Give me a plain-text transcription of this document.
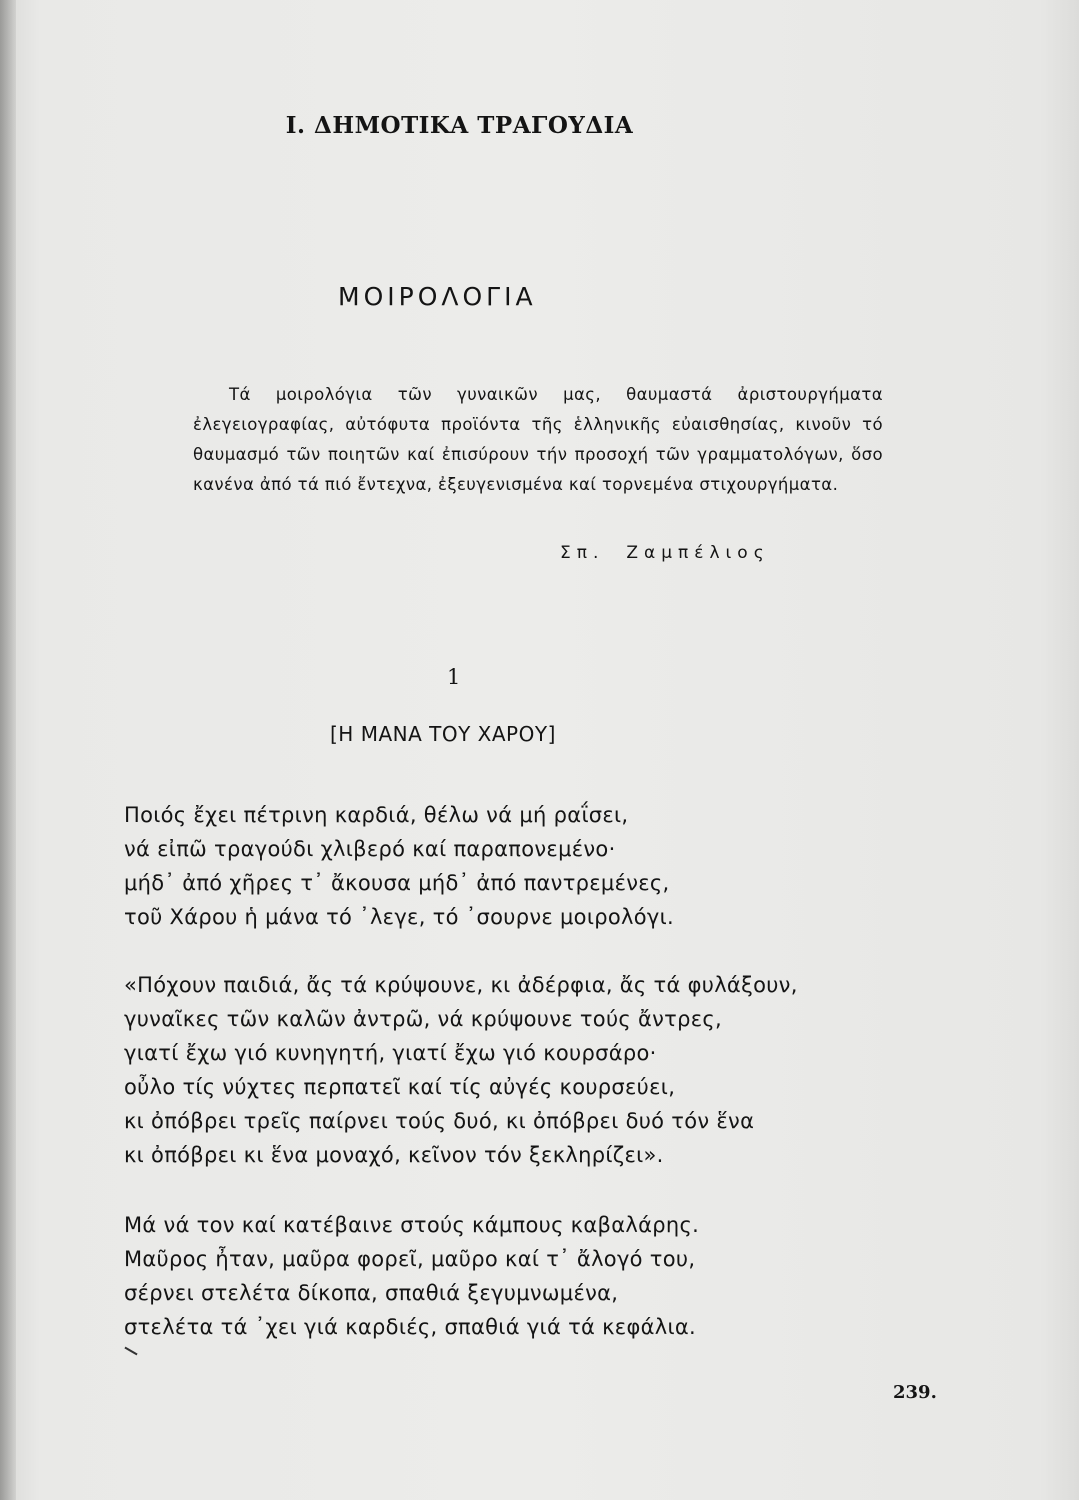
Ι. ΔΗΜΟΤΙΚΑ ΤΡΑΓΟΥΔΙΑ
ΜΟΙΡΟΛΟΓΙΑ

Τά μοιρολόγια τῶν γυναικῶν μας, θαυμαστά ἀριστουργήματα ἐλεγειογραφίας, αὐτόφυτα προϊόντα τῆς ἑλληνικῆς εὐαισθησίας, κινοῦν τό θαυμασμό τῶν ποιητῶν καί ἐπισύρουν τήν προσοχή τῶν γραμματολόγων, ὅσο κανένα ἀπό τά πιό ἔντεχνα, ἐξευγενισμένα καί τορνεμένα στιχουργήματα.

Σπ. Ζαμπέλιος
1
[Η ΜΑΝΑ ΤΟΥ ΧΑΡΟΥ]
Ποιός ἔχει πέτρινη καρδιά, θέλω νά μή ραΐσει,
νά εἰπῶ τραγούδι χλιβερό καί παραπονεμένο·
μήδ᾽ ἀπό χῆρες τ᾽ ἄκουσα μήδ᾽ ἀπό παντρεμένες,
τοῦ Χάρου ἡ μάνα τό ᾽λεγε, τό ᾽σουρνε μοιρολόγι.
«Πόχουν παιδιά, ἄς τά κρύψουνε, κι ἀδέρφια, ἄς τά φυλάξουν,
γυναῖκες τῶν καλῶν ἀντρῶ, νά κρύψουνε τούς ἄντρες,
γιατί ἔχω γιό κυνηγητή, γιατί ἔχω γιό κουρσάρο·
οὖλο τίς νύχτες περπατεῖ καί τίς αὐγές κουρσεύει,
κι ὀπόβρει τρεῖς παίρνει τούς δυό, κι ὀπόβρει δυό τόν ἕνα
κι ὀπόβρει κι ἕνα μοναχό, κεῖνον τόν ξεκληρίζει».
Μά νά τον καί κατέβαινε στούς κάμπους καβαλάρης.
Μαῦρος ἦταν, μαῦρα φορεῖ, μαῦρο καί τ᾽ ἄλογό του,
σέρνει στελέτα δίκοπα, σπαθιά ξεγυμνωμένα,
στελέτα τά ᾽χει γιά καρδιές, σπαθιά γιά τά κεφάλια.
239.
